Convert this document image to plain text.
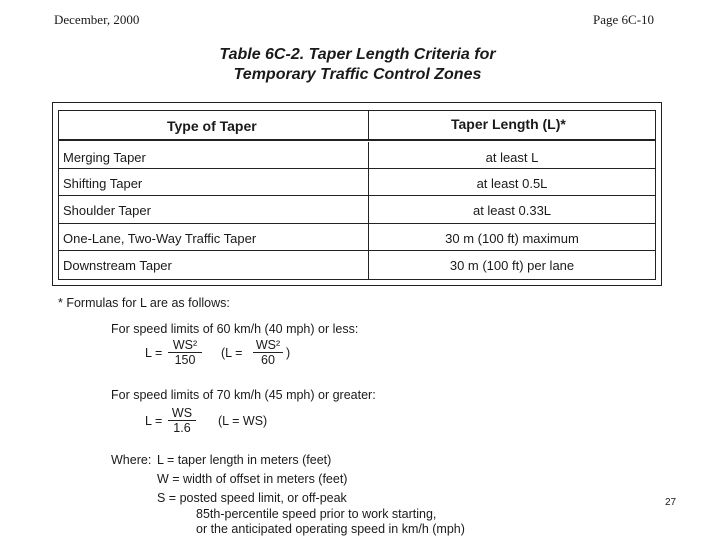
December, 2000	Page 6C-10
Table 6C-2. Taper Length Criteria for
Temporary Traffic Control Zones
Type of Taper	Taper Length (L)*
Merging Taper	at least L
Shifting Taper	at least 0.5L
Shoulder Taper	at least 0.33L
One-Lane, Two-Way Traffic Taper	30 m (100 ft) maximum
Downstream Taper	30 m (100 ft) per lane
* Formulas for L are as follows:
For speed limits of 60 km/h (40 mph) or less:
$L = \frac{\text{WS²}}{150} (L = \frac{\text{WS²}}{60}$ )
For speed limits of 70 km/h (45 mph) or greater:
$L = \frac{WS}{1.6} (L = WS)$
Where: L = taper length in meters (feet)
W = width of offset in meters (feet)
S = posted speed limit, or off-peak
85th-percentile speed prior to work starting,
or the anticipated operating speed in km/h (mph)
27
